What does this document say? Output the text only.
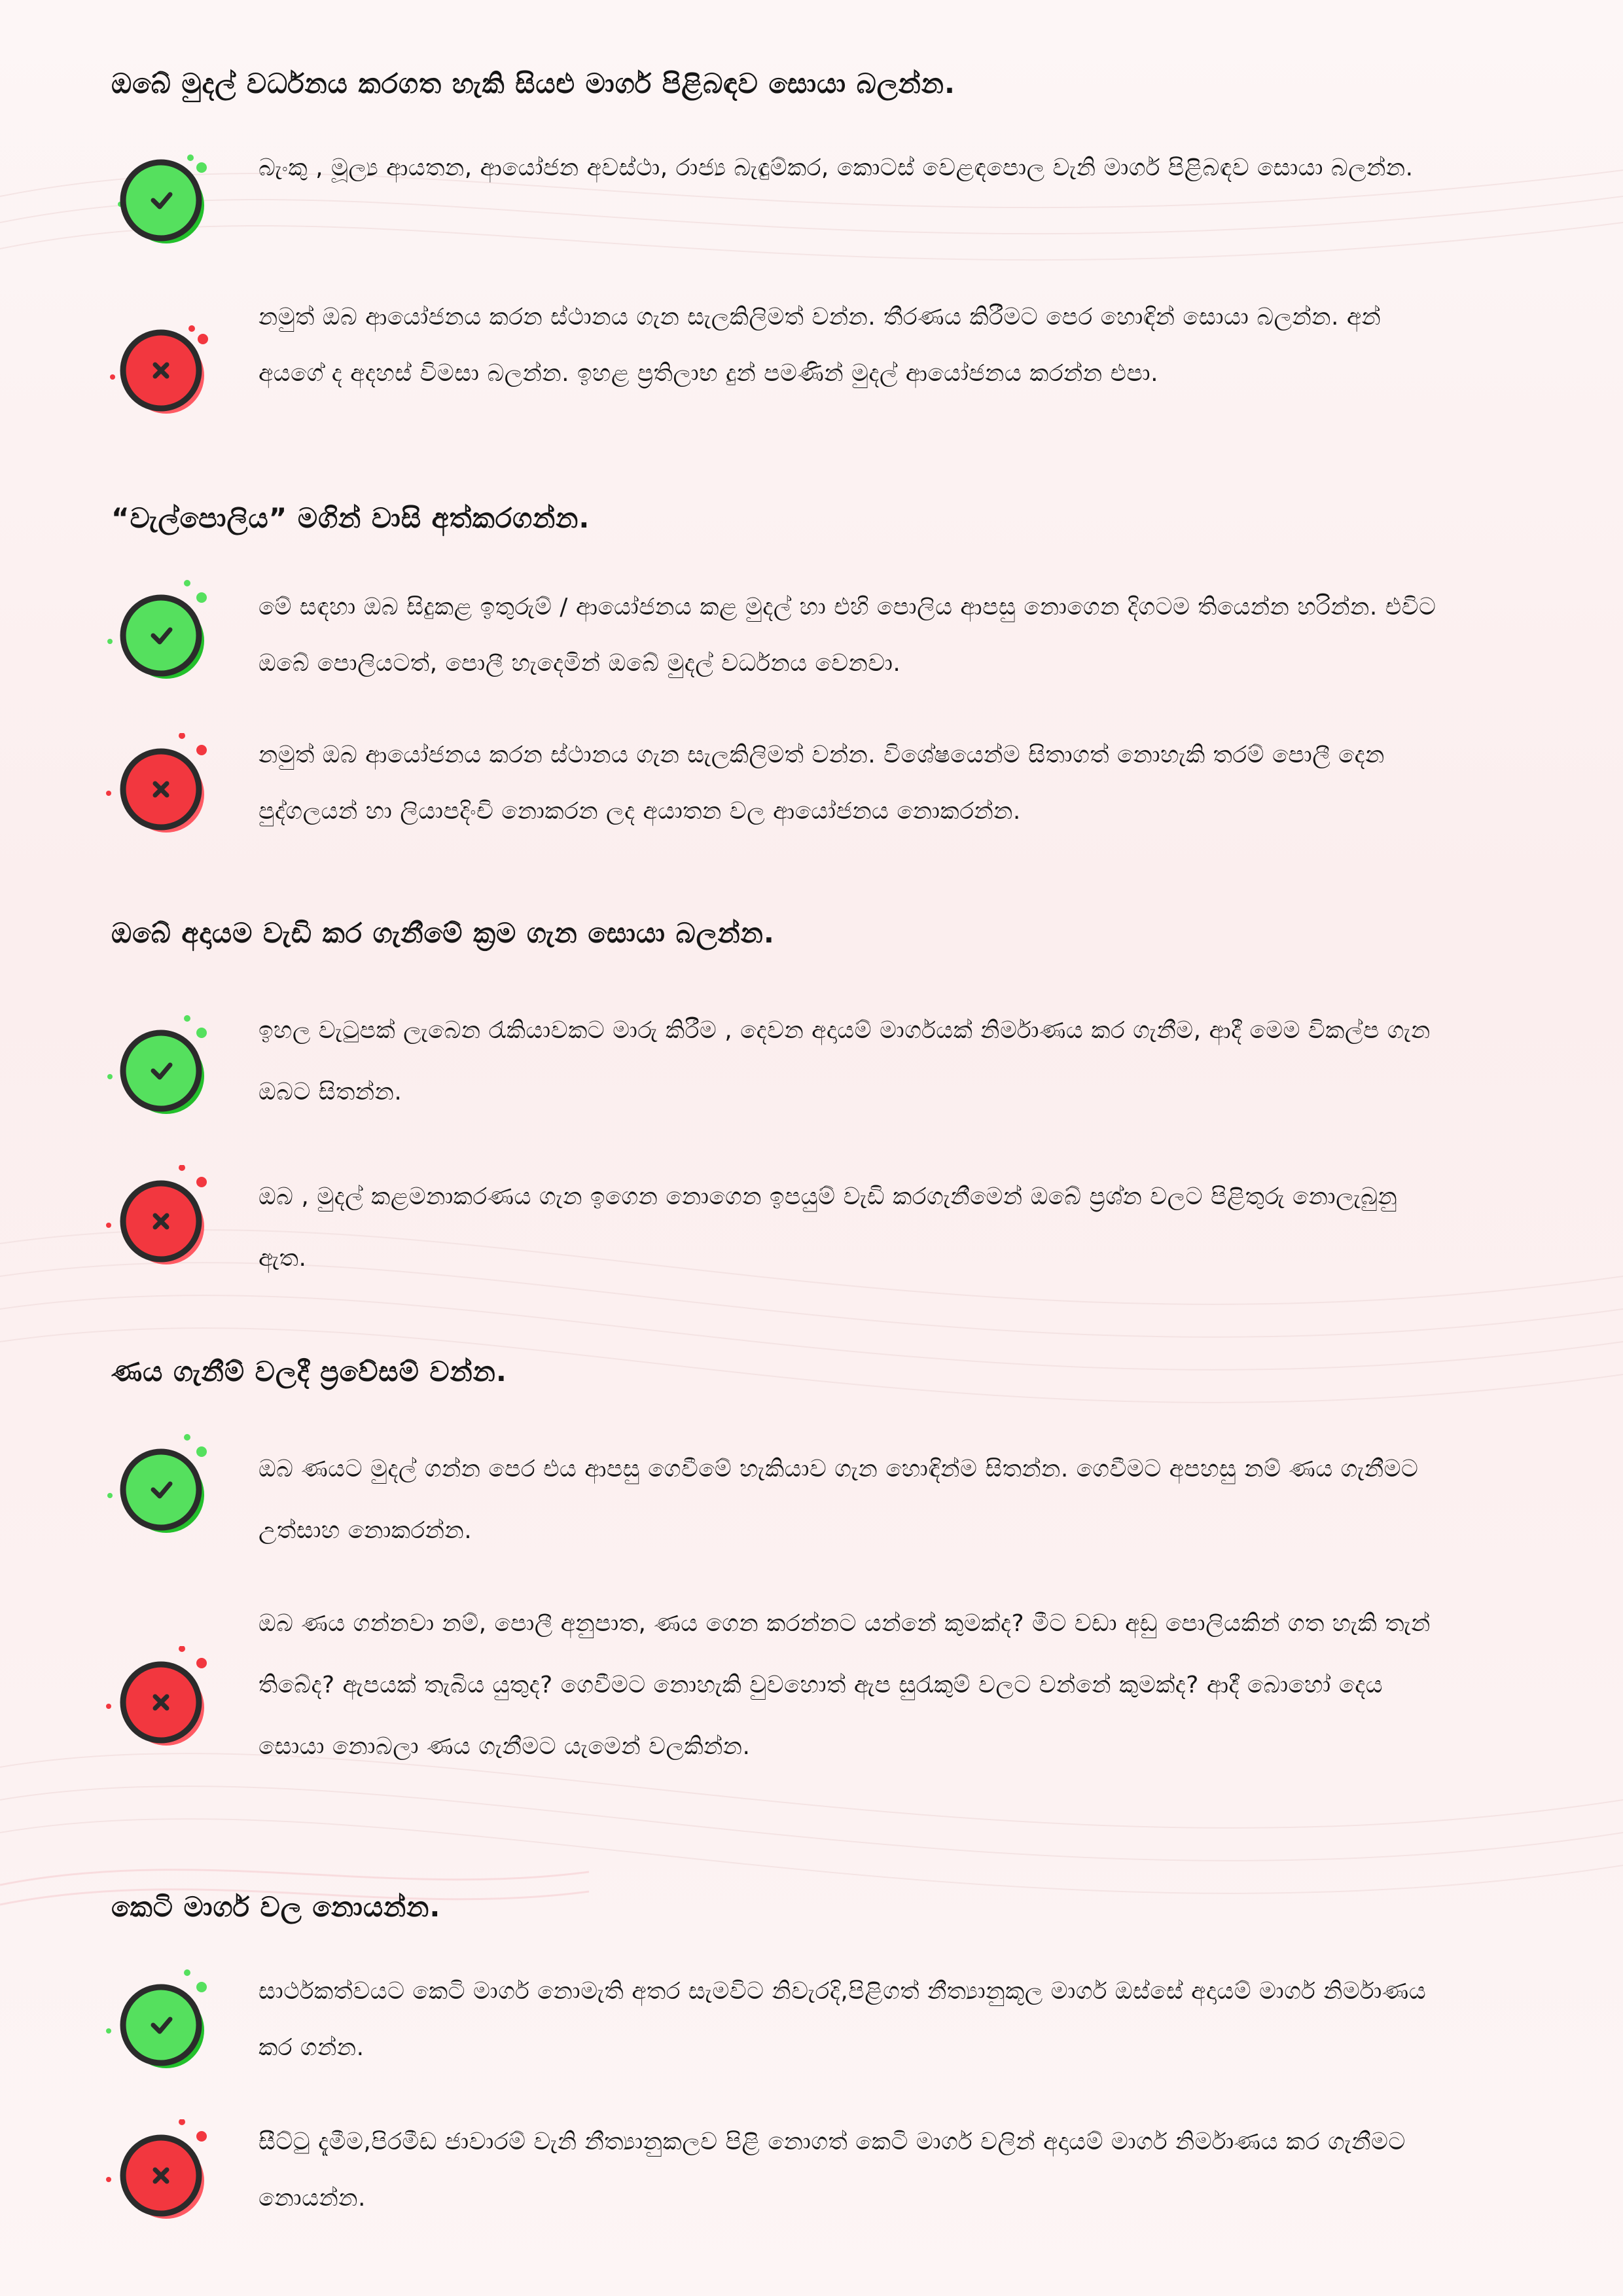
ඔබේ මුදල් වර්ධනය කරගත හැකි සියළු මාර්ග පිළිබඳව සොයා බලන්න.

බැංකු , මූල්‍ය ආයතන, ආයෝජන අවස්ථා, රාජ්‍ය බැඳුම්කර, කොටස් වෙළඳපොල වැනි මාර්ග පිළිබඳව සොයා බලන්න.

නමුත් ඔබ ආයෝජනය කරන ස්ථානය ගැන සැලකිලිමත් වන්න. තීරණය කිරීමට පෙර හොඳින් සොයා බලන්න. අන් අයගේ ද අදහස් විමසා බලන්න. ඉහළ ප්‍රතිලාභ දුන් පමණින් මුදල් ආයෝජනය කරන්න එපා.

“වැල්පොලිය” මගින් වාසි අත්කරගන්න.

මේ සඳහා ඔබ සිදුකළ ඉතුරුම් / ආයෝජනය කළ මුදල් හා එහි පොලිය ආපසු නොගෙන දිගටම තියෙන්න හරින්න. එවිට ඔබේ පොලියටත්, පොලී හැදෙමින් ඔබේ මුදල් වර්ධනය වෙනවා.

නමුත් ඔබ ආයෝජනය කරන ස්ථානය ගැන සැලකිලිමත් වන්න. විශේෂයෙන්ම සිතාගත් නොහැකි තරම් පොලී දෙන පුද්ගලයන් හා ලියාපදිංචි නොකරන ලද අයාතන වල ආයෝජනය නොකරන්න.

ඔබේ අදායම වැඩි කර ගැනීමේ ක්‍රම ගැන සොයා බලන්න.

ඉහල වැටුපක් ලැබෙන රැකියාවකට මාරු කිරීම , දෙවන අදායම් මාර්ගයක් නිර්මාණය කර ගැනීම, ආදී මෙම විකල්ප ගැන ඔබට සිතන්න.

ඔබ , මුදල් කළමනාකරණය ගැන ඉගෙන නොගෙන ඉපයුම් වැඩි කරගැනීමෙන් ඔබේ ප්‍රශ්න වලට පිළිතුරු නොලැබුනු ඇත.

ණය ගැනීම් වලදී ප්‍රවේසම් වන්න.

ඔබ ණයට මුදල් ගන්න පෙර එය ආපසු ගෙවීමේ හැකියාව ගැන හොඳින්ම සිතන්න. ගෙවීමට අපහසු නම් ණය ගැනීමට උත්සාහ නොකරන්න.

ඔබ ණය ගන්නවා නම්, පොලී අනුපාත, ණය ගෙන කරන්නට යන්නේ කුමක්ද? මීට වඩා අඩු පොලියකින් ගත හැකි තැන් තිබේද? ඇපයක් තැබිය යුතුද? ගෙවීමට නොහැකි වුවහොත් ඇප සුරැකුම් වලට වන්නේ කුමක්ද? ආදී බොහෝ දෙය සොයා නොබලා ණය ගැනීමට යැමෙන් වලකින්න.

කෙටි මාර්ග වල නොයන්න.

සාර්ථකත්වයට කෙටි මාර්ග නොමැති අතර සැමවිට නිවැරදි,පිළිගත් නීත්‍යානුකූල මාර්ග ඔස්සේ අදායම් මාර්ග නිර්මාණය කර ගන්න.

සීට්ටු දැමීම,පිරමීඩ ජාවාරම් වැනි නීත්‍යානුකලව පිළි නොගත් කෙටි මාර්ග වලින් අදායම් මාර්ග නිර්මාණය කර ගැනීමට නොයන්න.
